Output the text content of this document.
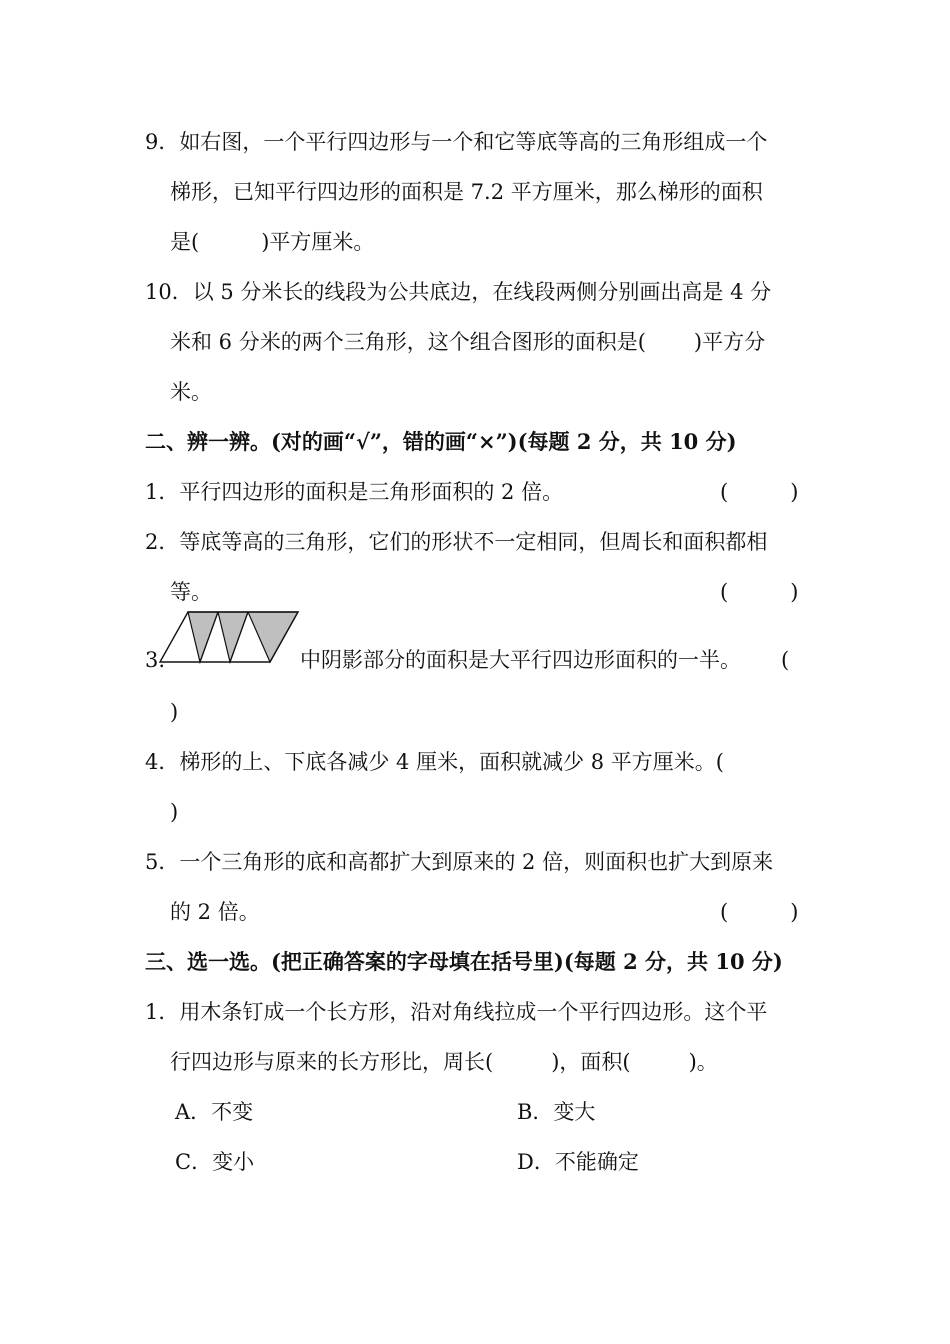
9．如右图，一个平行四边形与一个和它等底等高的三角形组成一个
梯形，已知平行四边形的面积是 7.2 平方厘米，那么梯形的面积
是(	)平方厘米。
10．以 5 分米长的线段为公共底边，在线段两侧分别画出高是 4 分
米和 6 分米的两个三角形，这个组合图形的面积是( )平方分
米。
二、辨一辨。(对的画“√”，错的画“×”)(每题 2 分，共 10 分)
1．平行四边形的面积是三角形面积的 2 倍。	(	)
2．等底等高的三角形，它们的形状不一定相同，但周长和面积都相
等。	(	)
3.	中阴影部分的面积是大平行四边形面积的一半。 (
)
4．梯形的上、下底各减少 4 厘米，面积就减少 8 平方厘米。(
)
5．一个三角形的底和高都扩大到原来的 2 倍，则面积也扩大到原来
的 2 倍。	(	)
三、选一选。(把正确答案的字母填在括号里)(每题 2 分，共 10 分)
1．用木条钉成一个长方形，沿对角线拉成一个平行四边形。这个平
行四边形与原来的长方形比，周长(	)，面积(	)。
A．不变	B．变大
C．变小	D．不能确定
